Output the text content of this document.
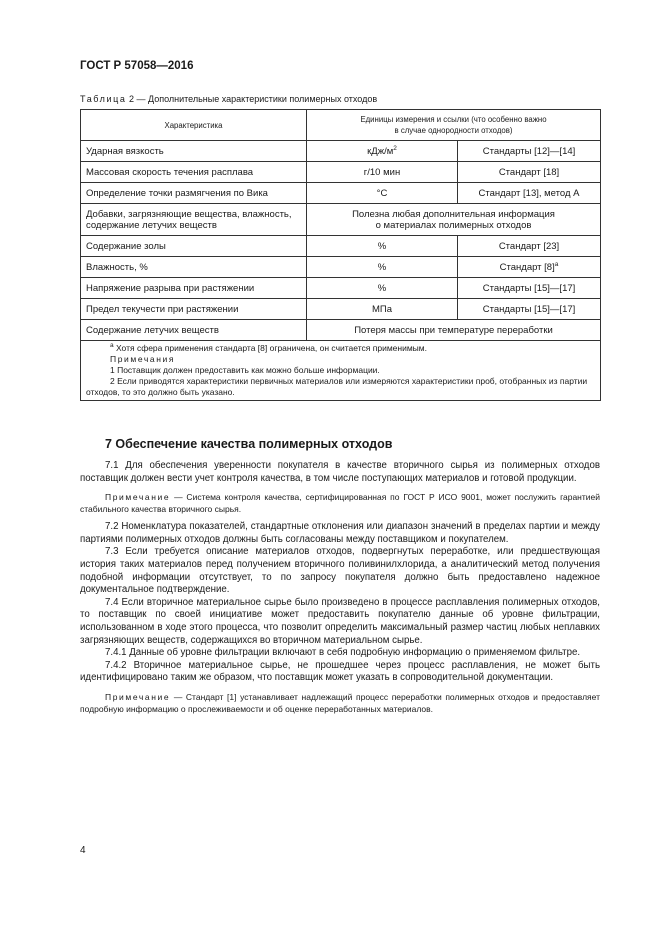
ГОСТ Р 57058—2016
Таблица 2 — Дополнительные характеристики полимерных отходов
Характеристика	Единицы измерения и ссылки (что особенно важно
в случае однородности отходов)	
Ударная вязкость	кДж/$м^2$	Стандарты [12]—[14]
Массовая скорость течения расплава	г/10 мин	Стандарт [18]
Определение точки размягчения по Вика	°C	Стандарт [13], метод А
Добавки, загрязняющие вещества, влажность,
содержание летучих веществ	Полезна любая дополнительная информация
о материалах полимерных отходов	
Содержание золы	%	Стандарт [23]
Влажность, %	%	Стандарт $[8]^а$
Напряжение разрыва при растяжении	%	Стандарты [15]—[17]
Предел текучести при растяжении	МПа	Стандарты [15]—[17]
Содержание летучих веществ	Потеря массы при температуре переработки	

$^а$ Хотя сфера применения стандарта [8] ограничена, он считается применимым.

Примечания

1 Поставщик должен предоставить как можно больше информации.

2 Если приводятся характеристики первичных материалов или измеряются характеристики проб, отобранных из партии отходов, то это должно быть указано.		

7 Обеспечение качества полимерных отходов

7.1 Для обеспечения уверенности покупателя в качестве вторичного сырья из полимерных отходов поставщик должен вести учет контроля качества, в том числе поступающих материалов и готовой продукции.

Примечание — Система контроля качества, сертифицированная по ГОСТ Р ИСО 9001, может послужить гарантией стабильного качества вторичного сырья.

7.2 Номенклатура показателей, стандартные отклонения или диапазон значений в пределах партии и между партиями полимерных отходов должны быть согласованы между поставщиком и покупателем.

7.3 Если требуется описание материалов отходов, подвергнутых переработке, или предшествующая история таких материалов перед получением вторичного поливинилхлорида, а аналитический метод получения подобной информации отсутствует, то по запросу покупателя должно быть предоставлено надежное документальное подтверждение.

7.4 Если вторичное материальное сырье было произведено в процессе расплавления полимерных отходов, то поставщик по своей инициативе может предоставить покупателю данные об уровне фильтрации, использованном в ходе этого процесса, что позволит определить максимальный размер частиц любых неплавких загрязняющих веществ, содержащихся во вторичном материальном сырье.

7.4.1 Данные об уровне фильтрации включают в себя подробную информацию о применяемом фильтре.

7.4.2 Вторичное материальное сырье, не прошедшее через процесс расплавления, не может быть идентифицировано таким же образом, что поставщик может указать в сопроводительной документации.

Примечание — Стандарт [1] устанавливает надлежащий процесс переработки полимерных отходов и предоставляет подробную информацию о прослеживаемости и об оценке переработанных материалов.

4
